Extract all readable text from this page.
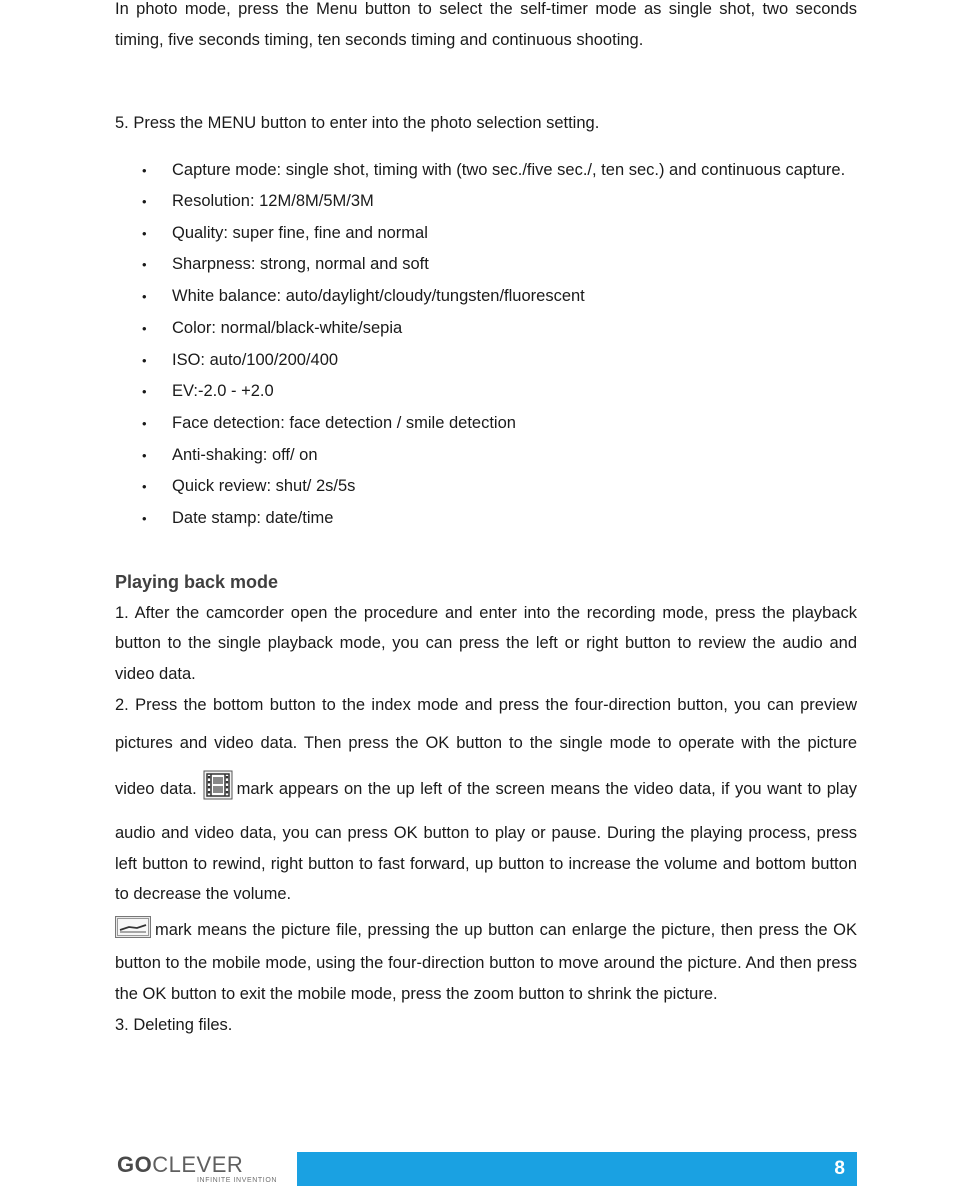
In photo mode, press the Menu button to select the self-timer mode as single shot, two seconds timing, five seconds timing, ten seconds timing and continuous shooting.

5. Press the MENU button to enter into the photo selection setting.

• Capture mode: single shot, timing with (two sec./five sec./, ten sec.) and continuous capture.
• Resolution: 12M/8M/5M/3M
• Quality: super fine, fine and normal
• Sharpness: strong, normal and soft
• White balance: auto/daylight/cloudy/tungsten/fluorescent
• Color: normal/black-white/sepia
• ISO: auto/100/200/400
• EV:-2.0 - +2.0
• Face detection: face detection / smile detection
• Anti-shaking: off/ on
• Quick review: shut/ 2s/5s
• Date stamp: date/time
Playing back mode

1. After the camcorder open the procedure and enter into the recording mode, press the playback button to the single playback mode, you can press the left or right button to review the audio and video data.

2. Press the bottom button to the index mode and press the four-direction button, you can preview pictures and video data. Then press the OK button to the single mode to operate with the picture video data. mark appears on the up left of the screen means the video data, if you want to play audio and video data, you can press OK button to play or pause. During the playing process, press left button to rewind, right button to fast forward, up button to increase the volume and bottom button to decrease the volume.

mark means the picture file, pressing the up button can enlarge the picture, then press the OK button to the mobile mode, using the four-direction button to move around the picture. And then press the OK button to exit the mobile mode, press the zoom button to shrink the picture.

3. Deleting files.

GOCLEVER
INFINITE INVENTION
8
